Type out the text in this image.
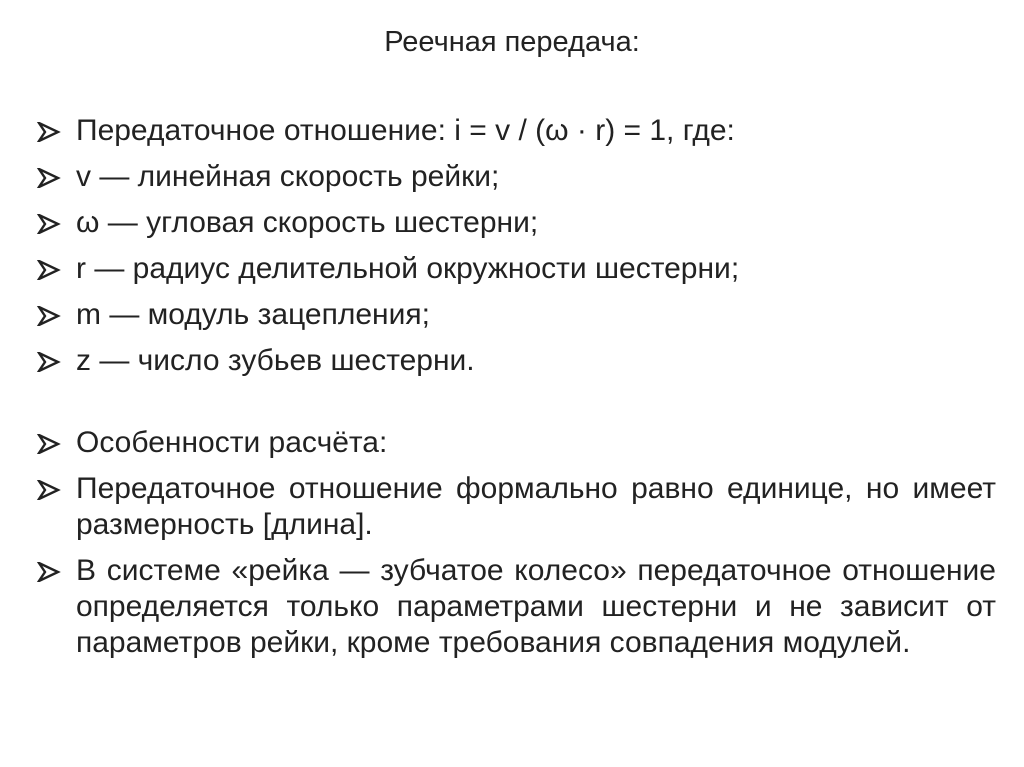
Реечная передача:
Передаточное отношение: i = v / (ω · r) = 1, где:
v — линейная скорость рейки;
ω — угловая скорость шестерни;
r — радиус делительной окружности шестерни;
m — модуль зацепления;
z — число зубьев шестерни.
Особенности расчёта:
Передаточное отношение формально равно единице, но имеет размерность [длина].
В системе «рейка — зубчатое колесо» передаточное отношение определяется только параметрами шестерни и не зависит от параметров рейки, кроме требования совпадения модулей.
